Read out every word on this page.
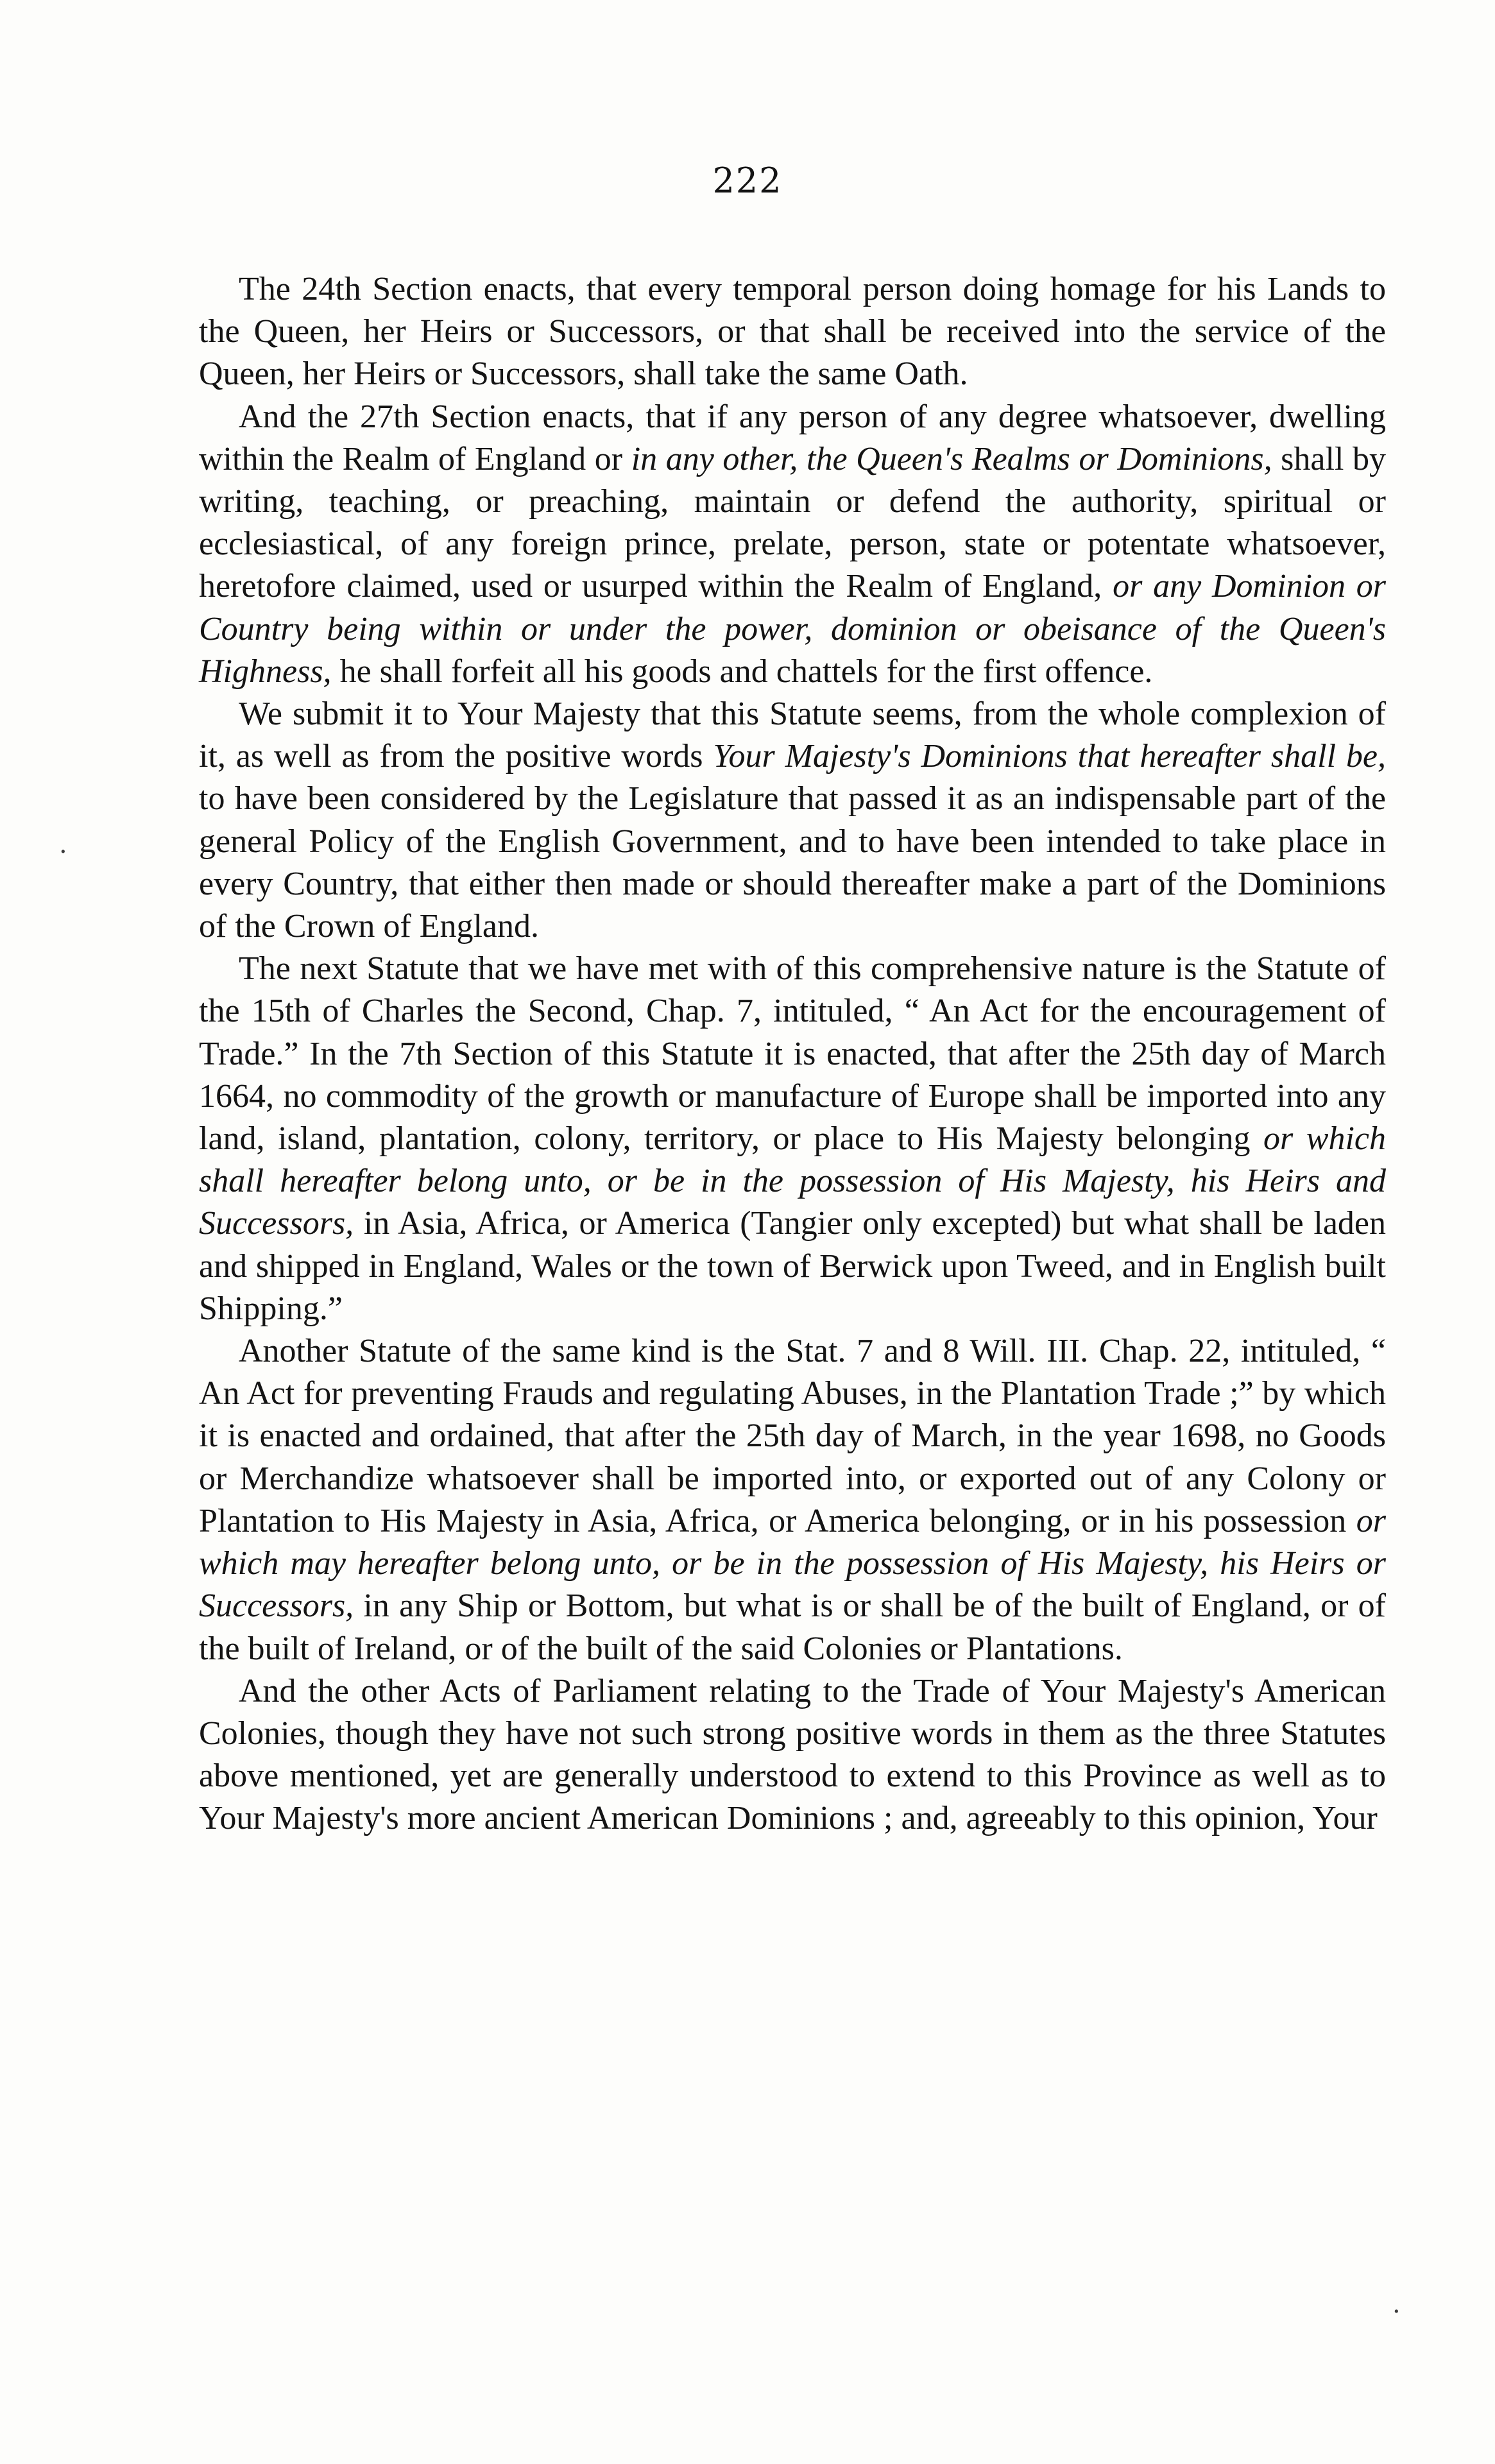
222

The 24th Section enacts, that every temporal person doing homage for his Lands to the Queen, her Heirs or Successors, or that shall be received into the service of the Queen, her Heirs or Successors, shall take the same Oath.

And the 27th Section enacts, that if any person of any degree whatsoever, dwelling within the Realm of England or in any other, the Queen's Realms or Dominions, shall by writing, teaching, or preaching, maintain or defend the authority, spiritual or ecclesiastical, of any foreign prince, prelate, person, state or potentate whatsoever, heretofore claimed, used or usurped within the Realm of England, or any Dominion or Country being within or under the power, dominion or obeisance of the Queen's Highness, he shall forfeit all his goods and chattels for the first offence.

We submit it to Your Majesty that this Statute seems, from the whole complexion of it, as well as from the positive words Your Majesty's Dominions that hereafter shall be, to have been considered by the Legislature that passed it as an indispensable part of the general Policy of the English Government, and to have been intended to take place in every Country, that either then made or should thereafter make a part of the Dominions of the Crown of England.

The next Statute that we have met with of this comprehensive nature is the Statute of the 15th of Charles the Second, Chap. 7, intituled, “ An Act for the encouragement of Trade.” In the 7th Section of this Statute it is enacted, that after the 25th day of March 1664, no commodity of the growth or manufacture of Europe shall be imported into any land, island, plantation, colony, territory, or place to His Majesty belonging or which shall hereafter belong unto, or be in the possession of His Majesty, his Heirs and Successors, in Asia, Africa, or America (Tangier only excepted) but what shall be laden and shipped in England, Wales or the town of Berwick upon Tweed, and in English built Shipping.”

Another Statute of the same kind is the Stat. 7 and 8 Will. III. Chap. 22, intituled, “ An Act for preventing Frauds and regulating Abuses, in the Plantation Trade ;” by which it is enacted and ordained, that after the 25th day of March, in the year 1698, no Goods or Merchandize whatsoever shall be imported into, or exported out of any Colony or Plantation to His Majesty in Asia, Africa, or America belonging, or in his possession or which may hereafter belong unto, or be in the possession of His Majesty, his Heirs or Successors, in any Ship or Bottom, but what is or shall be of the built of England, or of the built of Ireland, or of the built of the said Colonies or Plantations.

And the other Acts of Parliament relating to the Trade of Your Majesty's American Colonies, though they have not such strong positive words in them as the three Statutes above mentioned, yet are generally understood to extend to this Province as well as to Your Majesty's more ancient American Dominions ; and, agreeably to this opinion, Your

·
·
